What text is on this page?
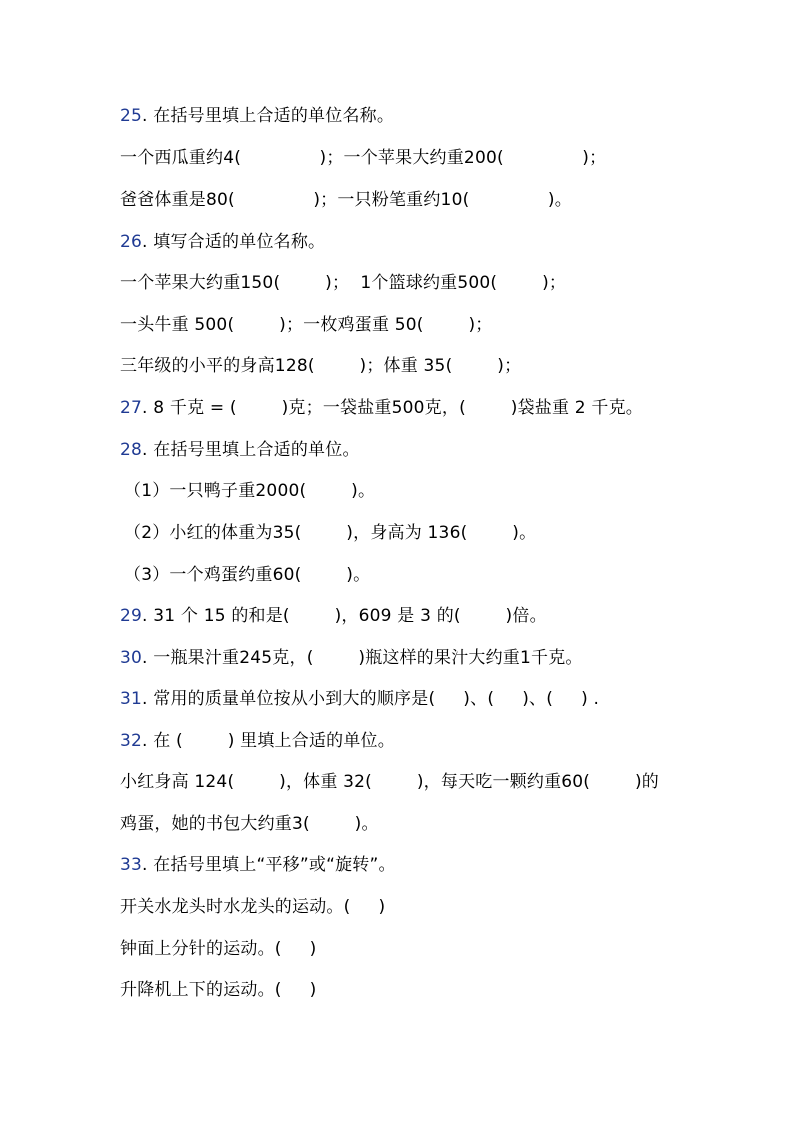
25. 在括号里填上合适的单位名称。
一个西瓜重约4(              )；一个苹果大约重200(              )；
爸爸体重是80(              )；一只粉笔重约10(              )。
26. 填写合适的单位名称。
一个苹果大约重150(        )；  1个篮球约重500(        )；
一头牛重 500(        )；一枚鸡蛋重 50(        )；
三年级的小平的身高128(        )；体重 35(        )；
27. 8 千克 = (        )克；一袋盐重500克，(        )袋盐重 2 千克。
28. 在括号里填上合适的单位。
（1）一只鸭子重2000(        )。
（2）小红的体重为35(        )，身高为 136(        )。
（3）一个鸡蛋约重60(        )。
29. 31 个 15 的和是(        )，609 是 3 的(        )倍。
30. 一瓶果汁重245克，(        )瓶这样的果汁大约重1千克。
31. 常用的质量单位按从小到大的顺序是(     )、(     )、(     ) .
32. 在 (        ) 里填上合适的单位。
小红身高 124(        )，体重 32(        )，每天吃一颗约重60(        )的
鸡蛋，她的书包大约重3(        )。
33. 在括号里填上“平移”或“旋转”。
开关水龙头时水龙头的运动。(     )
钟面上分针的运动。(     )
升降机上下的运动。(     )
